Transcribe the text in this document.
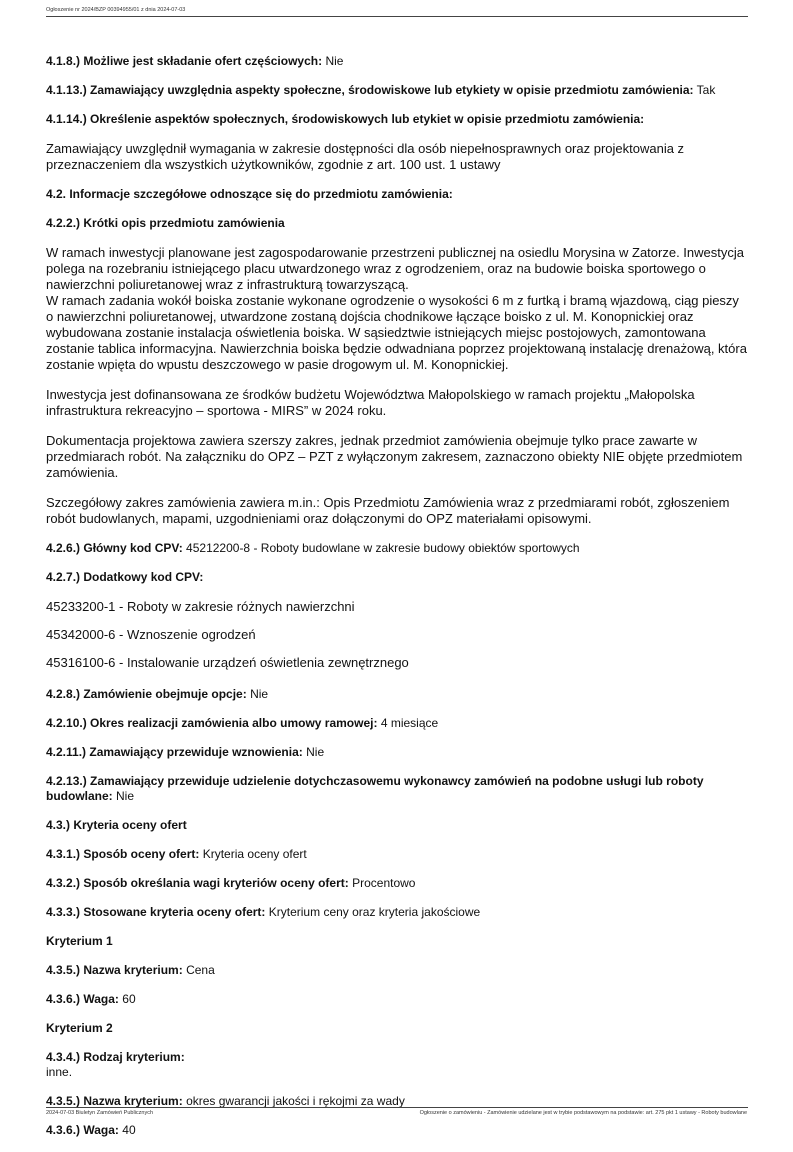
Ogłoszenie nr 2024/BZP 00394955/01 z dnia 2024-07-03
4.1.8.) Możliwe jest składanie ofert częściowych: Nie
4.1.13.) Zamawiający uwzględnia aspekty społeczne, środowiskowe lub etykiety w opisie przedmiotu zamówienia: Tak
4.1.14.) Określenie aspektów społecznych, środowiskowych lub etykiet w opisie przedmiotu zamówienia:
Zamawiający uwzględnił wymagania w zakresie dostępności dla osób niepełnosprawnych oraz projektowania z przeznaczeniem dla wszystkich użytkowników, zgodnie z art. 100 ust. 1 ustawy
4.2. Informacje szczegółowe odnoszące się do przedmiotu zamówienia:
4.2.2.) Krótki opis przedmiotu zamówienia
W ramach inwestycji planowane jest zagospodarowanie przestrzeni publicznej na osiedlu Morysina w Zatorze. Inwestycja polega na rozebraniu istniejącego placu utwardzonego wraz z ogrodzeniem, oraz na budowie boiska sportowego o nawierzchni poliuretanowej wraz z infrastrukturą towarzyszącą.
W ramach zadania wokół boiska zostanie wykonane ogrodzenie o wysokości 6 m z furtką i bramą wjazdową, ciąg pieszy o nawierzchni poliuretanowej, utwardzone zostaną dojścia chodnikowe łączące boisko z ul. M. Konopnickiej oraz wybudowana zostanie instalacja oświetlenia boiska. W sąsiedztwie istniejących miejsc postojowych, zamontowana zostanie tablica informacyjna. Nawierzchnia boiska będzie odwadniana poprzez projektowaną instalację drenażową, która zostanie wpięta do wpustu deszczowego w pasie drogowym ul. M. Konopnickiej.
Inwestycja jest dofinansowana ze środków budżetu Województwa Małopolskiego w ramach projektu „Małopolska infrastruktura rekreacyjno – sportowa - MIRS” w 2024 roku.
Dokumentacja projektowa zawiera szerszy zakres, jednak przedmiot zamówienia obejmuje tylko prace zawarte w przedmiarach robót. Na załączniku do OPZ – PZT z wyłączonym zakresem, zaznaczono obiekty NIE objęte przedmiotem zamówienia.
Szczegółowy zakres zamówienia zawiera m.in.: Opis Przedmiotu Zamówienia wraz z przedmiarami robót, zgłoszeniem robót budowlanych, mapami, uzgodnieniami oraz dołączonymi do OPZ materiałami opisowymi.
4.2.6.) Główny kod CPV: 45212200-8 - Roboty budowlane w zakresie budowy obiektów sportowych
4.2.7.) Dodatkowy kod CPV:
45233200-1 - Roboty w zakresie różnych nawierzchni
45342000-6 - Wznoszenie ogrodzeń
45316100-6 - Instalowanie urządzeń oświetlenia zewnętrznego
4.2.8.) Zamówienie obejmuje opcje: Nie
4.2.10.) Okres realizacji zamówienia albo umowy ramowej: 4 miesiące
4.2.11.) Zamawiający przewiduje wznowienia: Nie
4.2.13.) Zamawiający przewiduje udzielenie dotychczasowemu wykonawcy zamówień na podobne usługi lub roboty budowlane: Nie
4.3.) Kryteria oceny ofert
4.3.1.) Sposób oceny ofert: Kryteria oceny ofert
4.3.2.) Sposób określania wagi kryteriów oceny ofert: Procentowo
4.3.3.) Stosowane kryteria oceny ofert: Kryterium ceny oraz kryteria jakościowe
Kryterium 1
4.3.5.) Nazwa kryterium: Cena
4.3.6.) Waga: 60
Kryterium 2
4.3.4.) Rodzaj kryterium:
inne.
4.3.5.) Nazwa kryterium: okres gwarancji jakości i rękojmi za wady
4.3.6.) Waga: 40
2024-07-03 Biuletyn Zamówień Publicznych	Ogłoszenie o zamówieniu - Zamówienie udzielane jest w trybie podstawowym na podstawie: art. 275 pkt 1 ustawy - Roboty budowlane
